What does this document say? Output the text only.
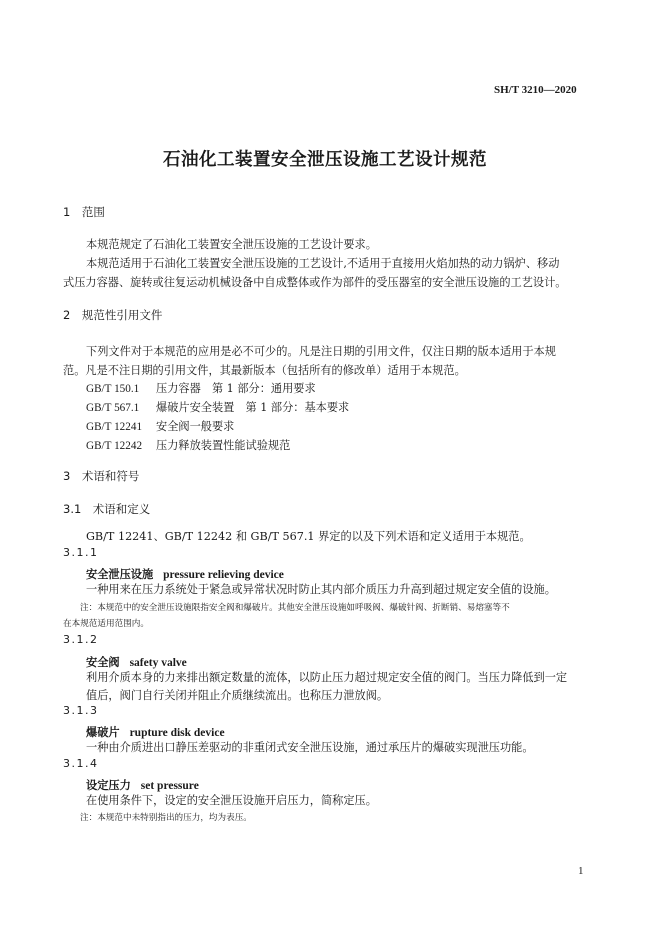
SH/T 3210—2020
石油化工装置安全泄压设施工艺设计规范
1　范围
本规范规定了石油化工装置安全泄压设施的工艺设计要求。
本规范适用于石油化工装置安全泄压设施的工艺设计,不适用于直接用火焰加热的动力锅炉、移动
式压力容器、旋转或往复运动机械设备中自成整体或作为部件的受压器室的安全泄压设施的工艺设计。
2　规范性引用文件
下列文件对于本规范的应用是必不可少的。凡是注日期的引用文件，仅注日期的版本适用于本规
范。凡是不注日期的引用文件，其最新版本（包括所有的修改单）适用于本规范。
GB/T 150.1 压力容器　第 1 部分：通用要求
GB/T 567.1 爆破片安全装置　第 1 部分：基本要求
GB/T 12241 安全阀一般要求
GB/T 12242 压力释放装置性能试验规范
3　术语和符号
3.1　术语和定义
GB/T 12241、GB/T 12242 和 GB/T 567.1 界定的以及下列术语和定义适用于本规范。
3.1.1
安全泄压设施 pressure relieving device
一种用来在压力系统处于紧急或异常状况时防止其内部介质压力升高到超过规定安全值的设施。
注：本规范中的安全泄压设施限指安全阀和爆破片。其他安全泄压设施如呼吸阀、爆破针阀、折断销、易熔塞等不
在本规范适用范围内。
3.1.2
安全阀 safety valve
利用介质本身的力来排出额定数量的流体，以防止压力超过规定安全值的阀门。当压力降低到一定
值后，阀门自行关闭并阻止介质继续流出。也称压力泄放阀。
3.1.3
爆破片 rupture disk device
一种由介质进出口静压差驱动的非重闭式安全泄压设施，通过承压片的爆破实现泄压功能。
3.1.4
设定压力 set pressure
在使用条件下，设定的安全泄压设施开启压力，简称定压。
注：本规范中未特别指出的压力，均为表压。
1
